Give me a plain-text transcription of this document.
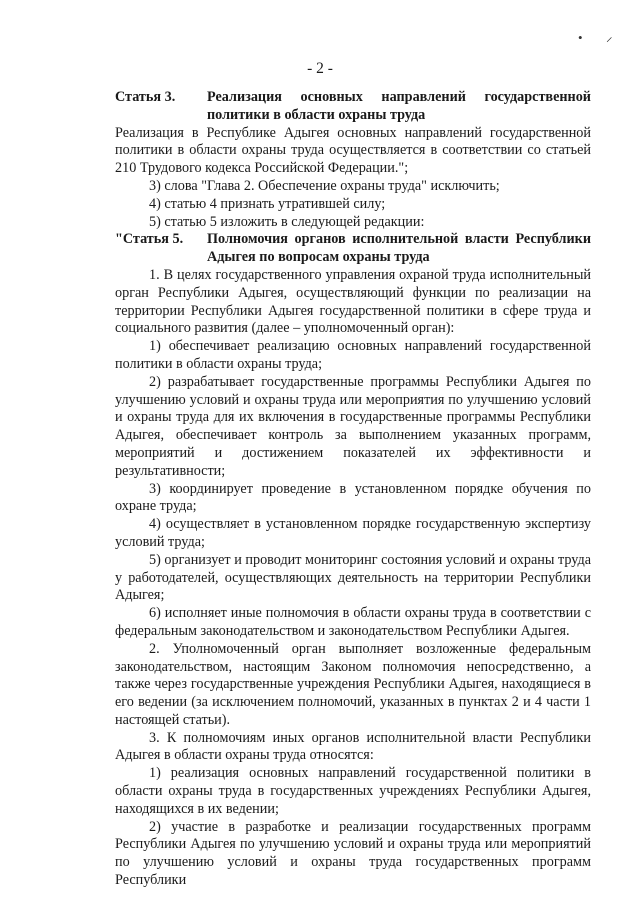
• ⸝
- 2 -
Статья 3.	Реализация основных направлений государственной политики в области охраны труда

Реализация в Республике Адыгея основных направлений государственной политики в области охраны труда осуществляется в соответствии со статьей 210 Трудового кодекса Российской Федерации.";

3) слова "Глава 2. Обеспечение охраны труда" исключить;

4) статью 4 признать утратившей силу;

5) статью 5 изложить в следующей редакции:

"Статья 5.	Полномочия органов исполнительной власти Республики Адыгея по вопросам охраны труда

1. В целях государственного управления охраной труда исполнительный орган Республики Адыгея, осуществляющий функции по реализации на территории Республики Адыгея государственной политики в сфере труда и социального развития (далее – уполномоченный орган):

1) обеспечивает реализацию основных направлений государственной политики в области охраны труда;

2) разрабатывает государственные программы Республики Адыгея по улучшению условий и охраны труда или мероприятия по улучшению условий и охраны труда для их включения в государственные программы Республики Адыгея, обеспечивает контроль за выполнением указанных программ, мероприятий и достижением показателей их эффективности и результативности;

3) координирует проведение в установленном порядке обучения по охране труда;

4) осуществляет в установленном порядке государственную экспертизу условий труда;

5) организует и проводит мониторинг состояния условий и охраны труда у работодателей, осуществляющих деятельность на территории Республики Адыгея;

6) исполняет иные полномочия в области охраны труда в соответствии с федеральным законодательством и законодательством Республики Адыгея.

2. Уполномоченный орган выполняет возложенные федеральным законодательством, настоящим Законом полномочия непосредственно, а также через государственные учреждения Республики Адыгея, находящиеся в его ведении (за исключением полномочий, указанных в пунктах 2 и 4 части 1 настоящей статьи).

3. К полномочиям иных органов исполнительной власти Республики Адыгея в области охраны труда относятся:

1) реализация основных направлений государственной политики в области охраны труда в государственных учреждениях Республики Адыгея, находящихся в их ведении;

2) участие в разработке и реализации государственных программ Республики Адыгея по улучшению условий и охраны труда или мероприятий по улучшению условий и охраны труда государственных программ Республики
